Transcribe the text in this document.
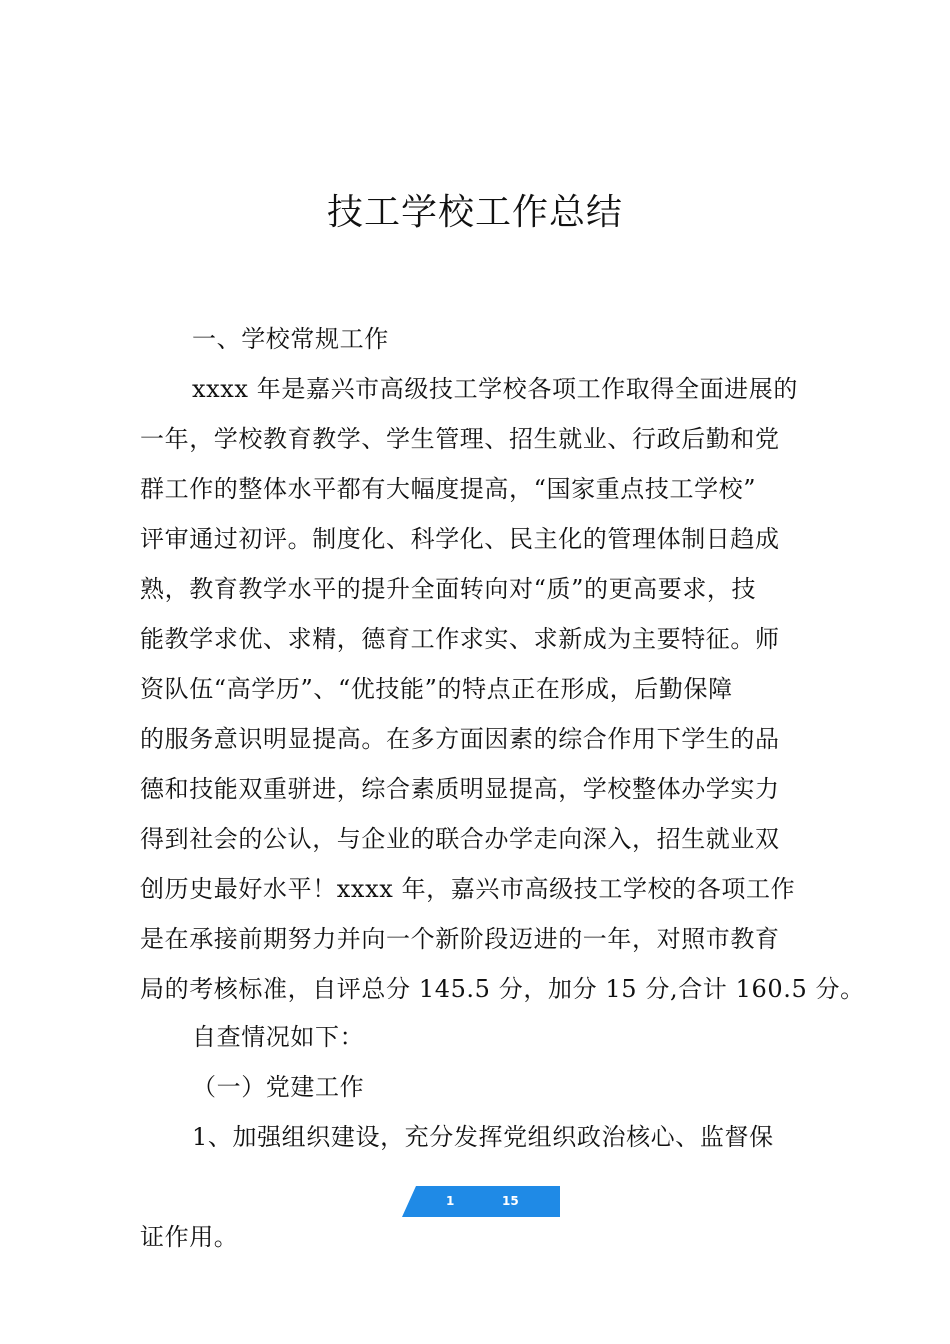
技工学校工作总结
一、学校常规工作
xxxx 年是嘉兴市高级技工学校各项工作取得全面进展的
一年，学校教育教学、学生管理、招生就业、行政后勤和党
群工作的整体水平都有大幅度提高，“国家重点技工学校”
评审通过初评。制度化、科学化、民主化的管理体制日趋成
熟，教育教学水平的提升全面转向对“质”的更高要求，技
能教学求优、求精，德育工作求实、求新成为主要特征。师
资队伍“高学历”、“优技能”的特点正在形成，后勤保障
的服务意识明显提高。在多方面因素的综合作用下学生的品
德和技能双重骈进，综合素质明显提高，学校整体办学实力
得到社会的公认，与企业的联合办学走向深入，招生就业双
创历史最好水平！xxxx 年，嘉兴市高级技工学校的各项工作
是在承接前期努力并向一个新阶段迈进的一年，对照市教育
局的考核标准，自评总分 145.5 分，加分 15 分,合计 160.5 分。
自查情况如下：
（一）党建工作
1、加强组织建设，充分发挥党组织政治核心、监督保
证作用。
1	15
